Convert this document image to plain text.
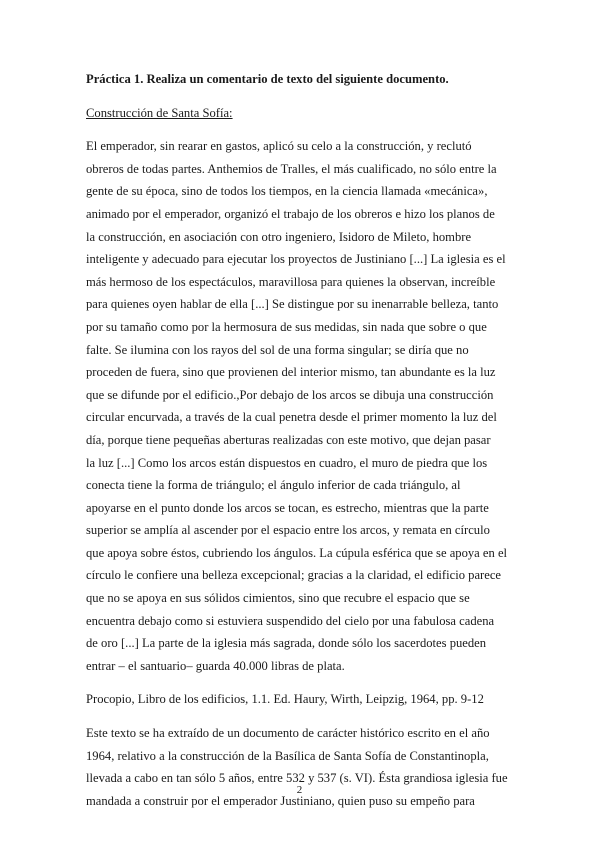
Práctica 1. Realiza un comentario de texto del siguiente documento.
Construcción de Santa Sofía:
El emperador, sin rearar en gastos, aplicó su celo a la construcción, y reclutó
obreros de todas partes. Anthemios de Tralles, el más cualificado, no sólo entre la
gente de su época, sino de todos los tiempos, en la ciencia llamada «mecánica»,
animado por el emperador, organizó el trabajo de los obreros e hizo los planos de
la construcción, en asociación con otro ingeniero, Isidoro de Mileto, hombre
inteligente y adecuado para ejecutar los proyectos de Justiniano [...] La iglesia es el
más hermoso de los espectáculos, maravillosa para quienes la observan, increíble
para quienes oyen hablar de ella [...] Se distingue por su inenarrable belleza, tanto
por su tamaño como por la hermosura de sus medidas, sin nada que sobre o que
falte. Se ilumina con los rayos del sol de una forma singular; se diría que no
proceden de fuera, sino que provienen del interior mismo, tan abundante es la luz
que se difunde por el edificio.,Por debajo de los arcos se dibuja una construcción
circular encurvada, a través de la cual penetra desde el primer momento la luz del
día, porque tiene pequeñas aberturas realizadas con este motivo, que dejan pasar
la luz [...] Como los arcos están dispuestos en cuadro, el muro de piedra que los
conecta tiene la forma de triángulo; el ángulo inferior de cada triángulo, al
apoyarse en el punto donde los arcos se tocan, es estrecho, mientras que la parte
superior se amplía al ascender por el espacio entre los arcos, y remata en círculo
que apoya sobre éstos, cubriendo los ángulos. La cúpula esférica que se apoya en el
círculo le confiere una belleza excepcional; gracias a la claridad, el edificio parece
que no se apoya en sus sólidos cimientos, sino que recubre el espacio que se
encuentra debajo como si estuviera suspendido del cielo por una fabulosa cadena
de oro [...] La parte de la iglesia más sagrada, donde sólo los sacerdotes pueden
entrar – el santuario– guarda 40.000 libras de plata.
Procopio, Libro de los edificios, 1.1. Ed. Haury, Wirth, Leipzig, 1964, pp. 9-12
Este texto se ha extraído de un documento de carácter histórico escrito en el año
1964, relativo a la construcción de la Basílica de Santa Sofía de Constantinopla,
llevada a cabo en tan sólo 5 años, entre 532 y 537 (s. VI). Ésta grandiosa iglesia fue
mandada a construir por el emperador Justiniano, quien puso su empeño para
2
